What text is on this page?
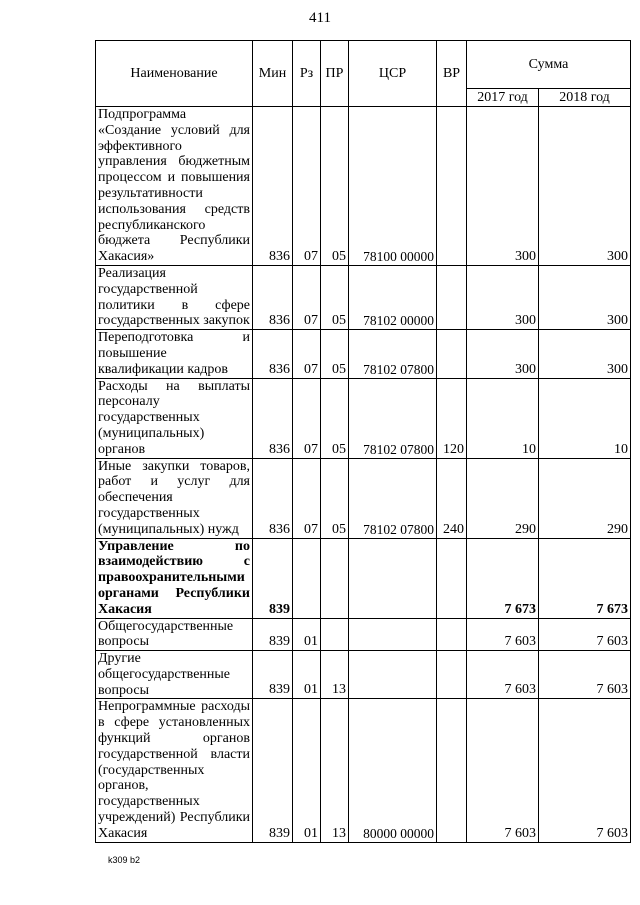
411
Наименование	Мин	Рз	ПР	ЦСР	ВР	Сумма	
						2017 год	2018 год
Подпрограмма «Создание условий для эффективного управления бюджетным процессом и повышения результативности использования средств республиканского бюджета Республики Хакасия»	836	07	05	78100 00000		300	300
Реализация государственной политики в сфере государственных закупок	836	07	05	78102 00000		300	300
Переподготовка и повышение квалификации кадров	836	07	05	78102 07800		300	300
Расходы на выплаты персоналу государственных (муниципальных) органов	836	07	05	78102 07800	120	10	10
Иные закупки товаров, работ и услуг для обеспечения государственных (муниципальных) нужд	836	07	05	78102 07800	240	290	290
Управление по взаимодействию с правоохранительными органами Республики Хакасия	839					7 673	7 673
Общегосударственные вопросы	839	01				7 603	7 603
Другие общегосударственные вопросы	839	01	13			7 603	7 603
Непрограммные расходы в сфере установленных функций органов государственной власти (государственных органов, государственных учреждений) Республики Хакасия	839	01	13	80000 00000		7 603	7 603
k309 b2
